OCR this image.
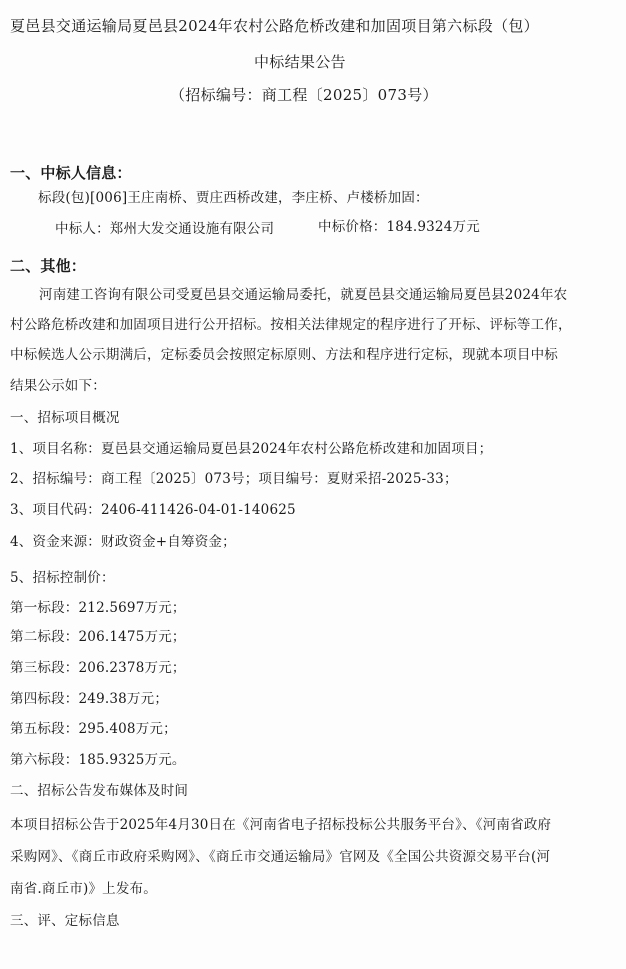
夏邑县交通运输局夏邑县2024年农村公路危桥改建和加固项目第六标段（包）
中标结果公告
（招标编号：商工程〔2025〕073号）
一、中标人信息：
标段(包)[006]王庄南桥、贾庄西桥改建，李庄桥、卢楼桥加固：
中标人：郑州大发交通设施有限公司	中标价格：184.9324万元
二、其他：
河南建工咨询有限公司受夏邑县交通运输局委托，就夏邑县交通运输局夏邑县2024年农
村公路危桥改建和加固项目进行公开招标。按相关法律规定的程序进行了开标、评标等工作，
中标候选人公示期满后，定标委员会按照定标原则、方法和程序进行定标，现就本项目中标
结果公示如下：
一、招标项目概况
1、项目名称：夏邑县交通运输局夏邑县2024年农村公路危桥改建和加固项目；
2、招标编号：商工程〔2025〕073号；项目编号：夏财采招-2025-33；
3、项目代码：2406-411426-04-01-140625
4、资金来源：财政资金+自筹资金；
5、招标控制价：
第一标段：212.5697万元；
第二标段：206.1475万元；
第三标段：206.2378万元；
第四标段：249.38万元；
第五标段：295.408万元；
第六标段：185.9325万元。
二、招标公告发布媒体及时间
本项目招标公告于2025年4月30日在《河南省电子招标投标公共服务平台》、《河南省政府
采购网》、《商丘市政府采购网》、《商丘市交通运输局》官网及《全国公共资源交易平台(河
南省.商丘市)》上发布。
三、评、定标信息
